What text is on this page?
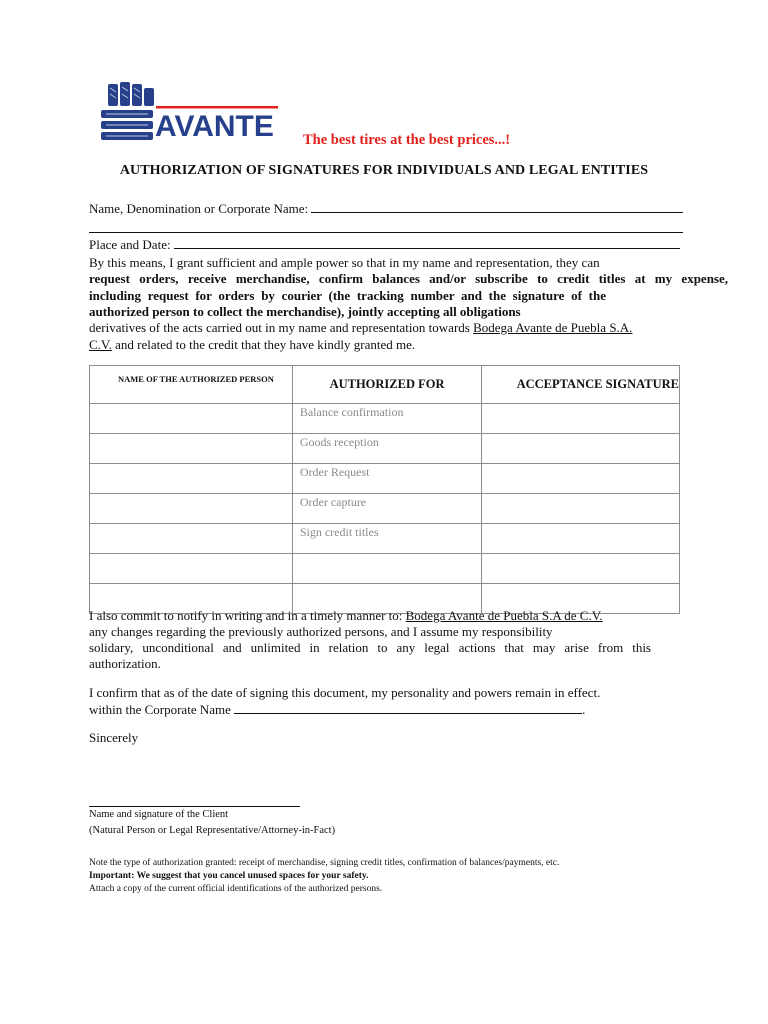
AVANTE The best tires at the best prices...!
AUTHORIZATION OF SIGNATURES FOR INDIVIDUALS AND LEGAL ENTITIES
Name, Denomination or Corporate Name:
Place and Date:
By this means, I grant sufficient and ample power so that in my name and representation, they can
request orders, receive merchandise, confirm balances and/or subscribe to credit titles at my expense,
including request for orders by courier (the tracking number and the signature of the
authorized person to collect the merchandise), jointly accepting all obligations
derivatives of the acts carried out in my name and representation towards Bodega Avante de Puebla S.A.
C.V. and related to the credit that they have kindly granted me.
NAME OF THE AUTHORIZED PERSON	AUTHORIZED FOR	ACCEPTANCE SIGNATURE

	Balance confirmation	

	Goods reception	

	Order Request	

	Order capture	

	Sign credit titles	

I also commit to notify in writing and in a timely manner to: Bodega Avante de Puebla S.A de C.V.
any changes regarding the previously authorized persons, and I assume my responsibility
solidary, unconditional and unlimited in relation to any legal actions that may arise from this
authorization.
I confirm that as of the date of signing this document, my personality and powers remain in effect.
within the Corporate Name	.
Sincerely
Name and signature of the Client
(Natural Person or Legal Representative/Attorney-in-Fact)
Note the type of authorization granted: receipt of merchandise, signing credit titles, confirmation of balances/payments, etc.
Important: We suggest that you cancel unused spaces for your safety.
Attach a copy of the current official identifications of the authorized persons.
